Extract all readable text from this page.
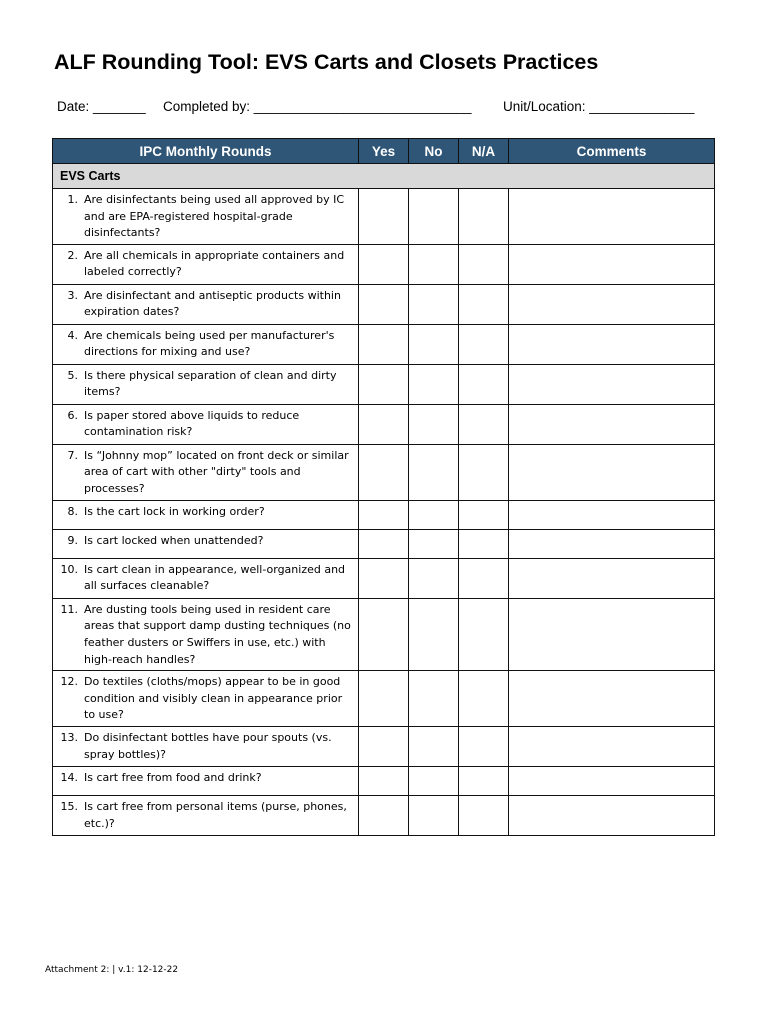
ALF Rounding Tool: EVS Carts and Closets Practices
Date: _______ Completed by: _____________________________ Unit/Location: ______________
IPC Monthly Rounds	Yes	No	N/A	Comments
EVS Carts				

1. Are disinfectants being used all approved by IC and are EPA-registered hospital-grade disinfectants?				

2. Are all chemicals in appropriate containers and labeled correctly?				

3. Are disinfectant and antiseptic products within expiration dates?				

4. Are chemicals being used per manufacturer's directions for mixing and use?				

5. Is there physical separation of clean and dirty items?				

6. Is paper stored above liquids to reduce contamination risk?				

7. Is “Johnny mop” located on front deck or similar area of cart with other "dirty" tools and processes?				

8. Is the cart lock in working order?				

9. Is cart locked when unattended?				

10. Is cart clean in appearance, well-organized and all surfaces cleanable?				

11. Are dusting tools being used in resident care areas that support damp dusting techniques (no feather dusters or Swiffers in use, etc.) with high-reach handles?				

12. Do textiles (cloths/mops) appear to be in good condition and visibly clean in appearance prior to use?				

13. Do disinfectant bottles have pour spouts (vs. spray bottles)?				

14. Is cart free from food and drink?				

15. Is cart free from personal items (purse, phones, etc.)?				

Attachment 2: | v.1: 12-12-22
